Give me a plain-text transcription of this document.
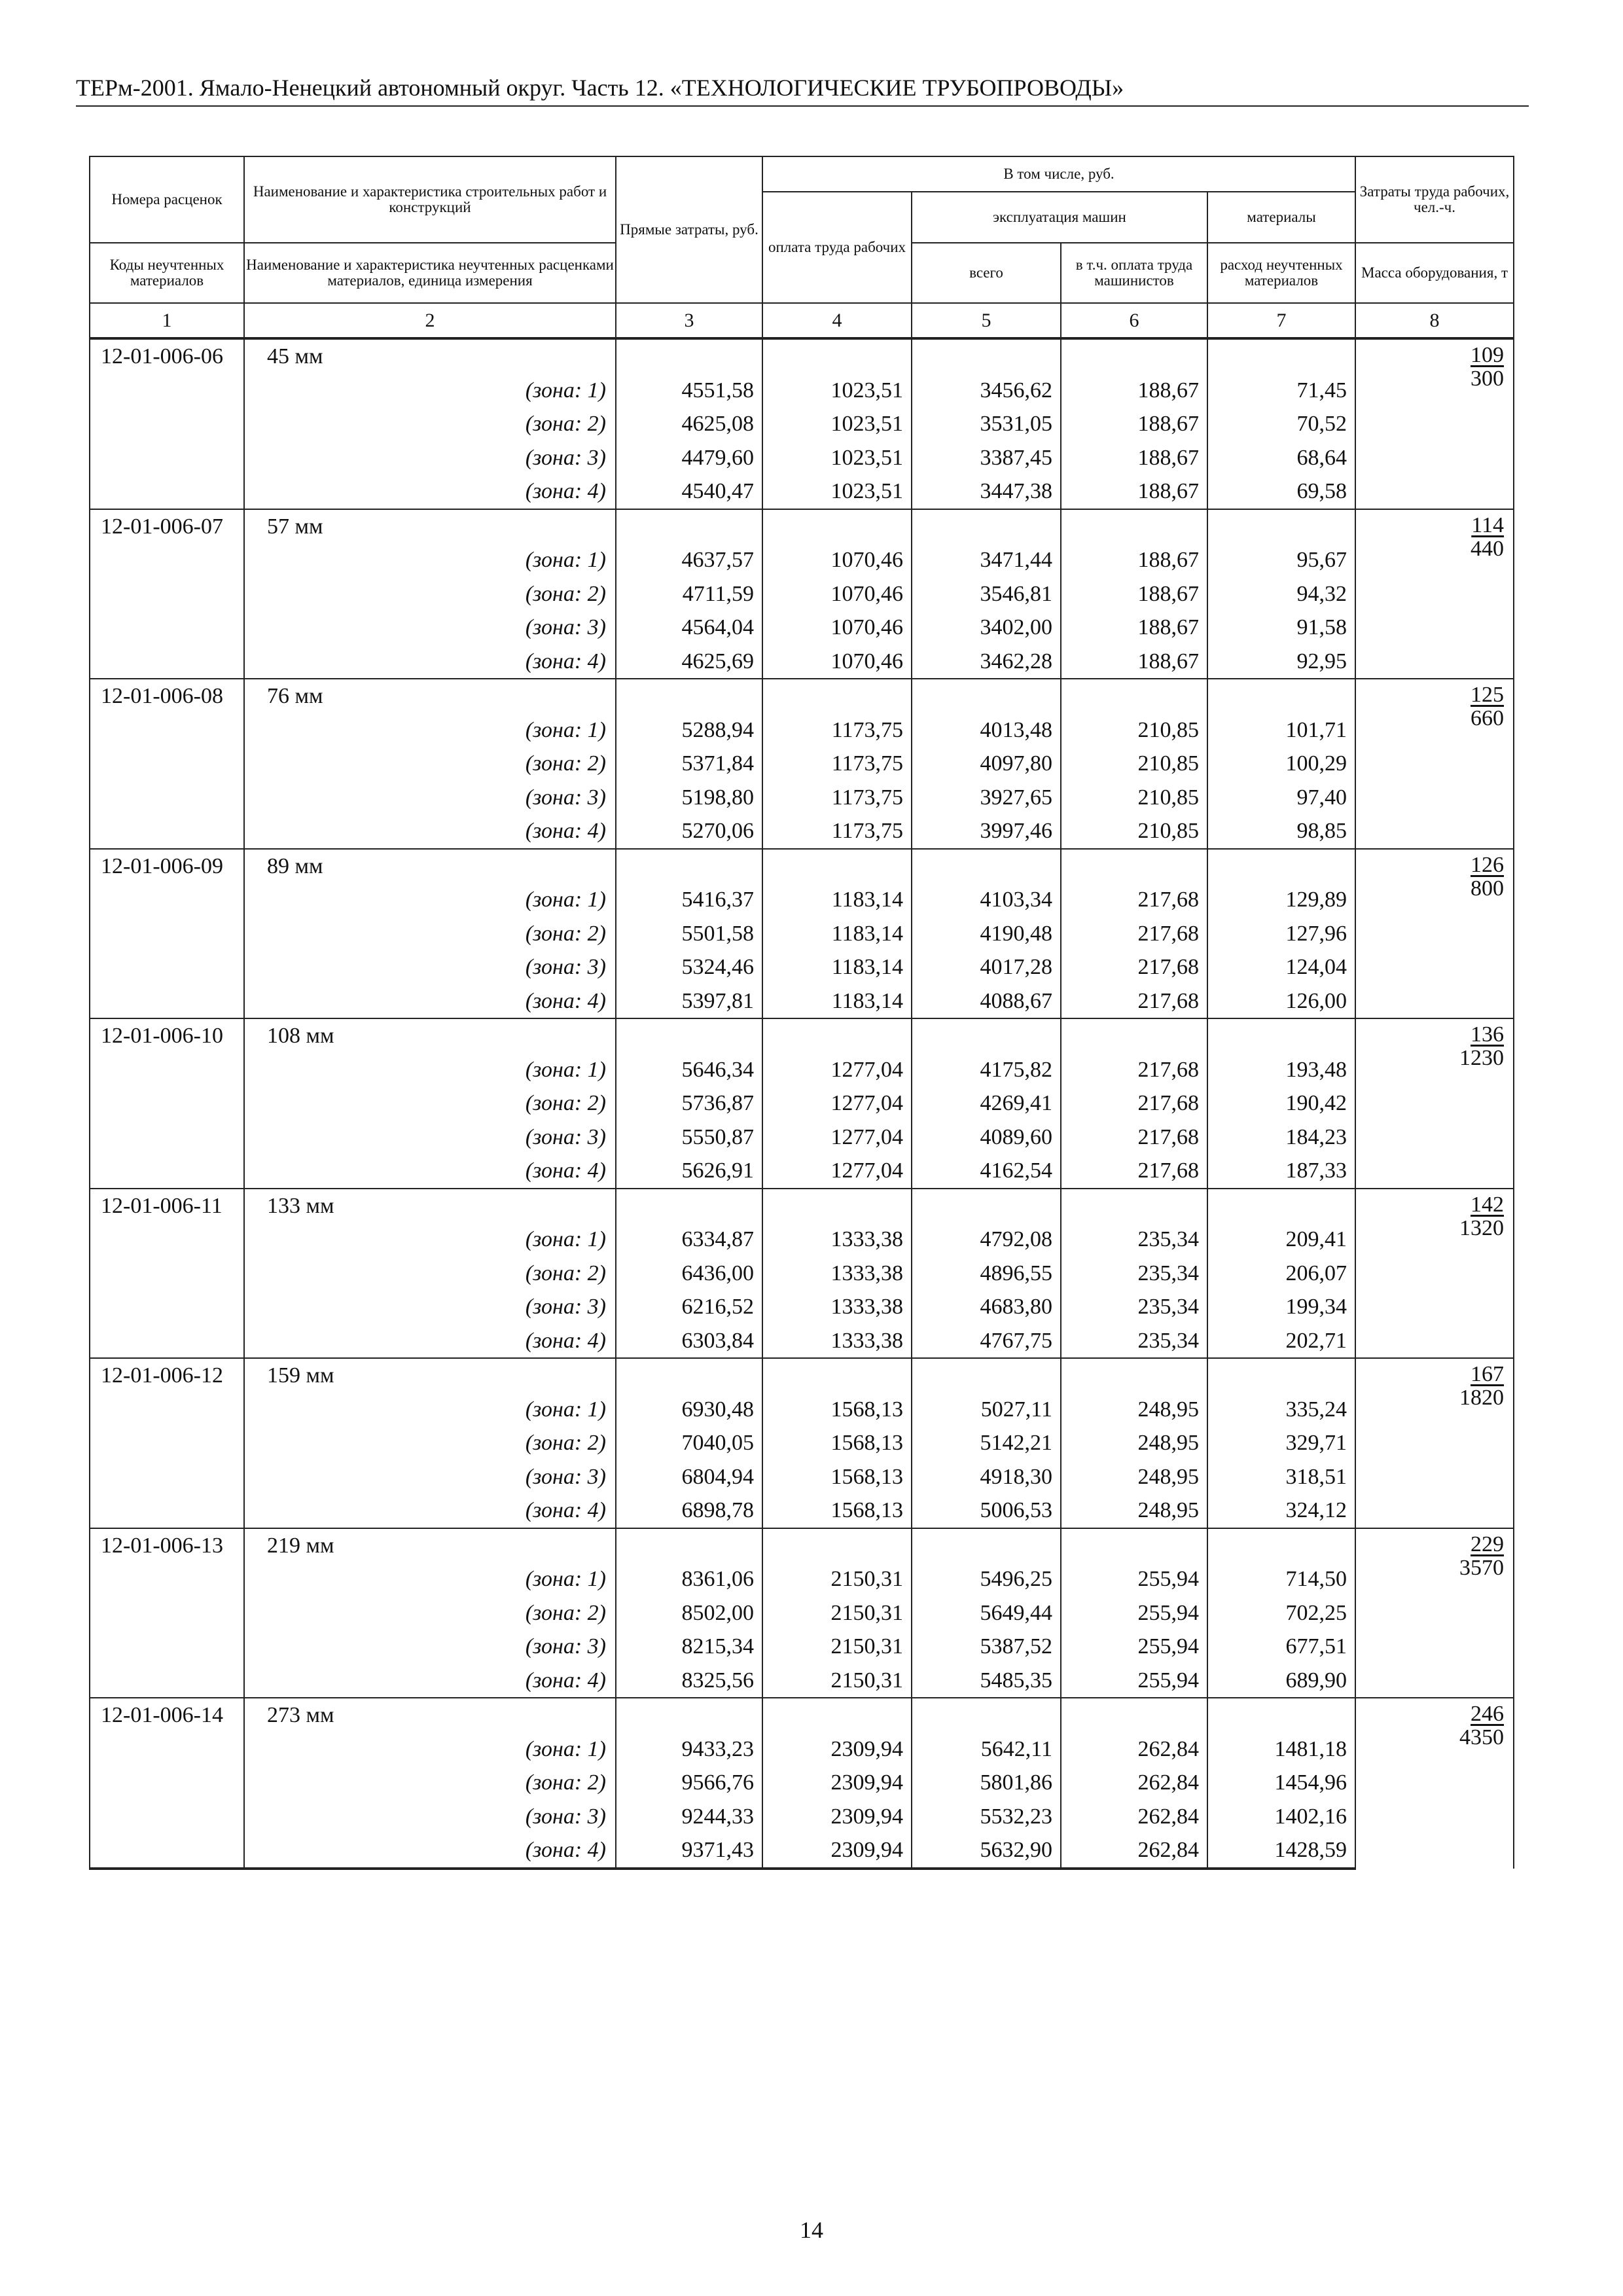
ТЕРм-2001. Ямало-Ненецкий автономный округ. Часть 12. «ТЕХНОЛОГИЧЕСКИЕ ТРУБОПРОВОДЫ»
Номера расценок	Наименование и характеристика строительных работ и конструкций	Прямые затраты, руб.	В том числе, руб.				Затраты труда рабочих, чел.-ч.
			оплата труда рабочих	эксплуатация машин		материалы	
Коды неучтенных материалов	Наименование и характеристика неучтенных расценками материалов, единица измерения			всего	в т.ч. оплата труда машинистов	расход неучтенных материалов	Масса оборудования, т
1	2	3	4	5	6	7	8
12-01-006-06	45 мм						$\frac{109}{300}$

	(зона: 1)	4551,58	1023,51	3456,62	188,67	71,45	
	(зона: 2)	4625,08	1023,51	3531,05	188,67	70,52	
	(зона: 3)	4479,60	1023,51	3387,45	188,67	68,64	
	(зона: 4)	4540,47	1023,51	3447,38	188,67	69,58	
12-01-006-07	57 мм						$\frac{114}{440}$

	(зона: 1)	4637,57	1070,46	3471,44	188,67	95,67	
	(зона: 2)	4711,59	1070,46	3546,81	188,67	94,32	
	(зона: 3)	4564,04	1070,46	3402,00	188,67	91,58	
	(зона: 4)	4625,69	1070,46	3462,28	188,67	92,95	
12-01-006-08	76 мм						$\frac{125}{660}$

	(зона: 1)	5288,94	1173,75	4013,48	210,85	101,71	
	(зона: 2)	5371,84	1173,75	4097,80	210,85	100,29	
	(зона: 3)	5198,80	1173,75	3927,65	210,85	97,40	
	(зона: 4)	5270,06	1173,75	3997,46	210,85	98,85	
12-01-006-09	89 мм						$\frac{126}{800}$

	(зона: 1)	5416,37	1183,14	4103,34	217,68	129,89	
	(зона: 2)	5501,58	1183,14	4190,48	217,68	127,96	
	(зона: 3)	5324,46	1183,14	4017,28	217,68	124,04	
	(зона: 4)	5397,81	1183,14	4088,67	217,68	126,00	
12-01-006-10	108 мм						$\frac{136}{1230}$

	(зона: 1)	5646,34	1277,04	4175,82	217,68	193,48	
	(зона: 2)	5736,87	1277,04	4269,41	217,68	190,42	
	(зона: 3)	5550,87	1277,04	4089,60	217,68	184,23	
	(зона: 4)	5626,91	1277,04	4162,54	217,68	187,33	
12-01-006-11	133 мм						$\frac{142}{1320}$

	(зона: 1)	6334,87	1333,38	4792,08	235,34	209,41	
	(зона: 2)	6436,00	1333,38	4896,55	235,34	206,07	
	(зона: 3)	6216,52	1333,38	4683,80	235,34	199,34	
	(зона: 4)	6303,84	1333,38	4767,75	235,34	202,71	
12-01-006-12	159 мм						$\frac{167}{1820}$

	(зона: 1)	6930,48	1568,13	5027,11	248,95	335,24	
	(зона: 2)	7040,05	1568,13	5142,21	248,95	329,71	
	(зона: 3)	6804,94	1568,13	4918,30	248,95	318,51	
	(зона: 4)	6898,78	1568,13	5006,53	248,95	324,12	
12-01-006-13	219 мм						$\frac{229}{3570}$

	(зона: 1)	8361,06	2150,31	5496,25	255,94	714,50	
	(зона: 2)	8502,00	2150,31	5649,44	255,94	702,25	
	(зона: 3)	8215,34	2150,31	5387,52	255,94	677,51	
	(зона: 4)	8325,56	2150,31	5485,35	255,94	689,90	
12-01-006-14	273 мм						$\frac{246}{4350}$

	(зона: 1)	9433,23	2309,94	5642,11	262,84	1481,18	
	(зона: 2)	9566,76	2309,94	5801,86	262,84	1454,96	
	(зона: 3)	9244,33	2309,94	5532,23	262,84	1402,16	
	(зона: 4)	9371,43	2309,94	5632,90	262,84	1428,59	
14
